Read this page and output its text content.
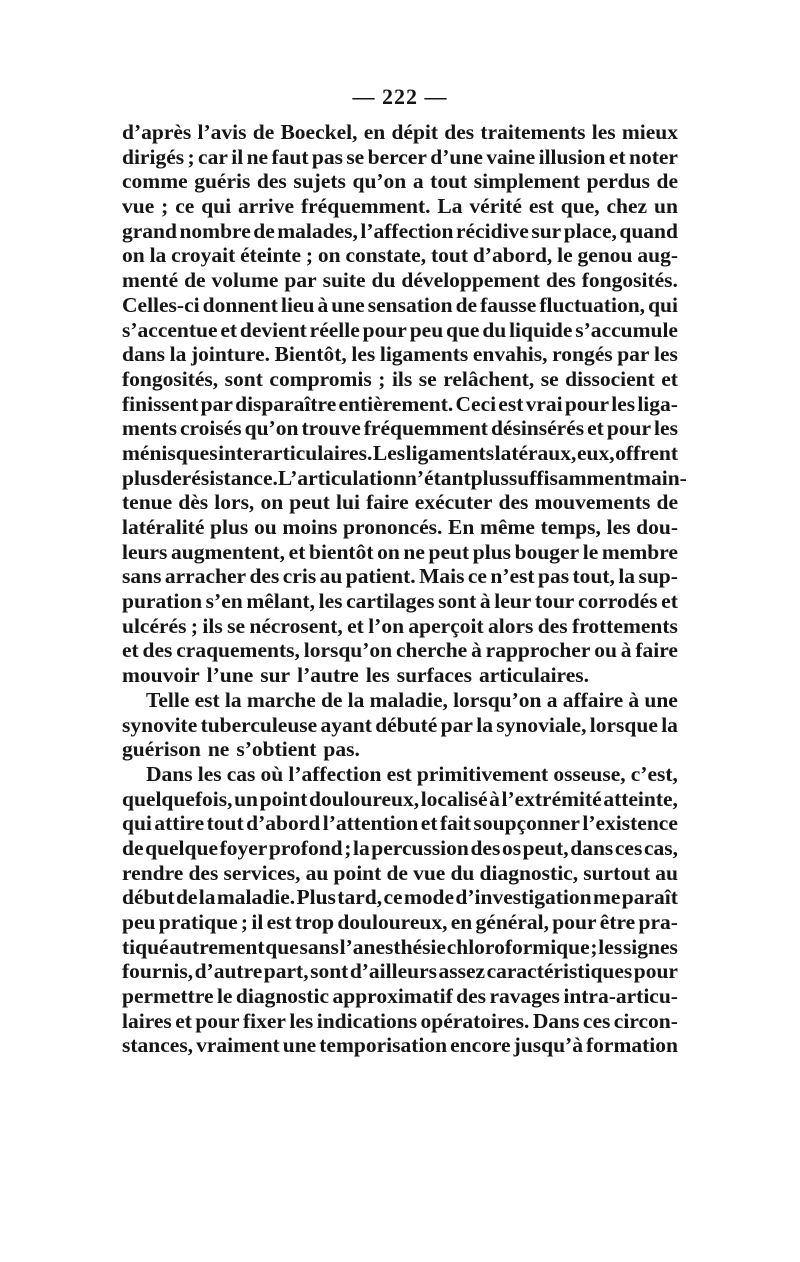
— 222 —
d’après l’avis de Boeckel, en dépit des traitements les mieux
dirigés ; car il ne faut pas se bercer d’une vaine illusion et noter
comme guéris des sujets qu’on a tout simplement perdus de
vue ; ce qui arrive fréquemment. La vérité est que, chez un
grand nombre de malades, l’affection récidive sur place, quand
on la croyait éteinte ; on constate, tout d’abord, le genou aug-
menté de volume par suite du développement des fongosités.
Celles-ci donnent lieu à une sensation de fausse fluctuation, qui
s’accentue et devient réelle pour peu que du liquide s’accumule
dans la jointure. Bientôt, les ligaments envahis, rongés par les
fongosités, sont compromis ; ils se relâchent, se dissocient et
finissent par disparaître entièrement. Ceci est vrai pour les liga-
ments croisés qu’on trouve fréquemment désinsérés et pour les
ménisques interarticulaires. Les ligaments latéraux, eux, offrent
plus de résistance. L’articulation n’étant plus suffisamment main-
tenue dès lors, on peut lui faire exécuter des mouvements de
latéralité plus ou moins prononcés. En même temps, les dou-
leurs augmentent, et bientôt on ne peut plus bouger le membre
sans arracher des cris au patient. Mais ce n’est pas tout, la sup-
puration s’en mêlant, les cartilages sont à leur tour corrodés et
ulcérés ; ils se nécrosent, et l’on aperçoit alors des frottements
et des craquements, lorsqu’on cherche à rapprocher ou à faire
mouvoir l’une sur l’autre les surfaces articulaires.
Telle est la marche de la maladie, lorsqu’on a affaire à une
synovite tuberculeuse ayant débuté par la synoviale, lorsque la
guérison ne s’obtient pas.
Dans les cas où l’affection est primitivement osseuse, c’est,
quelquefois, un point douloureux, localisé à l’extrémité atteinte,
qui attire tout d’abord l’attention et fait soupçonner l’existence
de quelque foyer profond ; la percussion des os peut, dans ces cas,
rendre des services, au point de vue du diagnostic, surtout au
début de la maladie. Plus tard, ce mode d’investigation me paraît
peu pratique ; il est trop douloureux, en général, pour être pra-
tiqué autrement que sans l’anesthésie chloroformique ; les signes
fournis, d’autre part, sont d’ailleurs assez caractéristiques pour
permettre le diagnostic approximatif des ravages intra-articu-
laires et pour fixer les indications opératoires. Dans ces circon-
stances, vraiment une temporisation encore jusqu’à formation
